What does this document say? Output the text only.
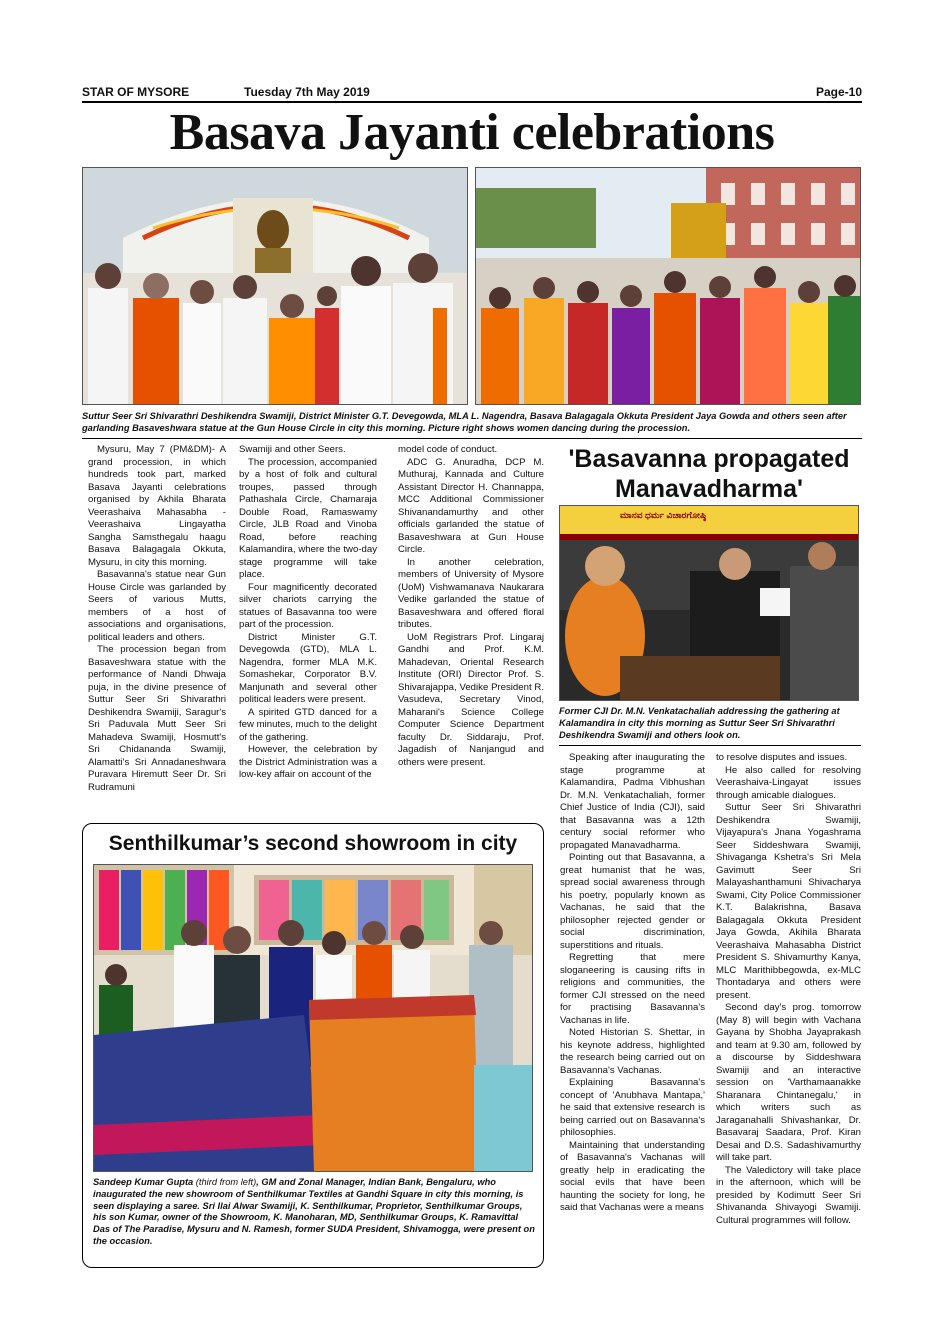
STAR OF MYSORE	Tuesday 7th May 2019	Page-10
Basava Jayanti celebrations
Suttur Seer Sri Shivarathri Deshikendra Swamiji, District Minister G.T. Devegowda, MLA L. Nagendra, Basava Balagagala Okkuta President Jaya Gowda and others seen after garlanding Basaveshwara statue at the Gun House Circle in city this morning. Picture right shows women dancing during the procession.

Mysuru, May 7 (PM&DM)- A grand procession, in which hundreds took part, marked Basava Jayanti celebrations organised by Akhila Bharata Veerashaiva Mahasabha - Veerashaiva Lingayatha Sangha Samsthegalu haagu Basava Balagagala Okkuta, Mysuru, in city this morning.

Basavanna's statue near Gun House Circle was garlanded by Seers of various Mutts, members of a host of associations and organisations, political leaders and others.

The procession began from Basaveshwara statue with the performance of Nandi Dhwaja puja, in the divine presence of Suttur Seer Sri Shivarathri Deshikendra Swamiji, Saragur's Sri Paduvala Mutt Seer Sri Mahadeva Swamiji, Hosmutt's Sri Chidananda Swamiji, Alamatti's Sri Annadaneshwara Puravara Hiremutt Seer Dr. Sri Rudramuni

Swamiji and other Seers.

The procession, accompanied by a host of folk and cultural troupes, passed through Pathashala Circle, Chamaraja Double Road, Ramaswamy Circle, JLB Road and Vinoba Road, before reaching Kalamandira, where the two-day stage programme will take place.

Four magnificently decorated silver chariots carrying the statues of Basavanna too were part of the procession.

District Minister G.T. Devegowda (GTD), MLA L. Nagendra, former MLA M.K. Somashekar, Corporator B.V. Manjunath and several other political leaders were present.

A spirited GTD danced for a few minutes, much to the delight of the gathering.

However, the celebration by the District Administration was a low-key affair on account of the

model code of conduct.

ADC G. Anuradha, DCP M. Muthuraj, Kannada and Culture Assistant Director H. Channappa, MCC Additional Commissioner Shivanandamurthy and other officials garlanded the statue of Basaveshwara at Gun House Circle.

In another celebration, members of University of Mysore (UoM) Vishwamanava Naukarara Vedike garlanded the statue of Basaveshwara and offered floral tributes.

UoM Registrars Prof. Lingaraj Gandhi and Prof. K.M. Mahadevan, Oriental Research Institute (ORI) Director Prof. S. Shivarajappa, Vedike President R. Vasudeva, Secretary Vinod, Maharani's Science College Computer Science Department faculty Dr. Siddaraju, Prof. Jagadish of Nanjangud and others were present.

'Basavanna propagated
Manavadharma'
ಮಾನವ ಧರ್ಮ ವಿಚಾರಗೋಷ್ಠಿ
Former CJI Dr. M.N. Venkatachaliah addressing the gathering at Kalamandira in city this morning as Suttur Seer Sri Shivarathri Deshikendra Swamiji and others look on.

Speaking after inaugurating the stage programme at Kalamandira, Padma Vibhushan Dr. M.N. Venkatachaliah, former Chief Justice of India (CJI), said that Basavanna was a 12th century social reformer who propagated Manavadharma.

Pointing out that Basavanna, a great humanist that he was, spread social awareness through his poetry, popularly known as Vachanas, he said that the philosopher rejected gender or social discrimination, superstitions and rituals.

Regretting that mere sloganeering is causing rifts in religions and communities, the former CJI stressed on the need for practising Basavanna's Vachanas in life.

Noted Historian S. Shettar, in his keynote address, highlighted the research being carried out on Basavanna's Vachanas.

Explaining Basavanna's concept of 'Anubhava Mantapa,' he said that extensive research is being carried out on Basavanna's philosophies.

Maintaining that understanding of Basavanna's Vachanas will greatly help in eradicating the social evils that have been haunting the society for long, he said that Vachanas were a means

to resolve disputes and issues.

He also called for resolving Veerashaiva-Lingayat issues through amicable dialogues.

Suttur Seer Sri Shivarathri Deshikendra Swamiji, Vijayapura's Jnana Yogashrama Seer Siddeshwara Swamiji, Shivaganga Kshetra's Sri Mela Gavimutt Seer Sri Malayashanthamuni Shivacharya Swami, City Police Commissioner K.T. Balakrishna, Basava Balagagala Okkuta President Jaya Gowda, Akihila Bharata Veerashaiva Mahasabha District President S. Shivamurthy Kanya, MLC Marithibbegowda, ex-MLC Thontadarya and others were present.

Second day's prog. tomorrow (May 8) will begin with Vachana Gayana by Shobha Jayaprakash and team at 9.30 am, followed by a discourse by Siddeshwara Swamiji and an interactive session on 'Varthamaanakke Sharanara Chintanegalu,' in which writers such as Jaraganahalli Shivashankar, Dr. Basavaraj Saadara, Prof. Kiran Desai and D.S. Sadashivamurthy will take part.

The Valedictory will take place in the afternoon, which will be presided by Kodimutt Seer Sri Shivananda Shivayogi Swamiji. Cultural programmes will follow.

Senthilkumar’s second showroom in city
Sandeep Kumar Gupta (third from left), GM and Zonal Manager, Indian Bank, Bengaluru, who inaugurated the new showroom of Senthilkumar Textiles at Gandhi Square in city this morning, is seen displaying a saree. Sri Ilai Alwar Swamiji, K. Senthilkumar, Proprietor, Senthilkumar Groups, his son Kumar, owner of the Showroom, K. Manoharan, MD, Senthilkumar Groups, K. Ramavittal Das of The Paradise, Mysuru and N. Ramesh, former SUDA President, Shivamogga, were present on the occasion.
